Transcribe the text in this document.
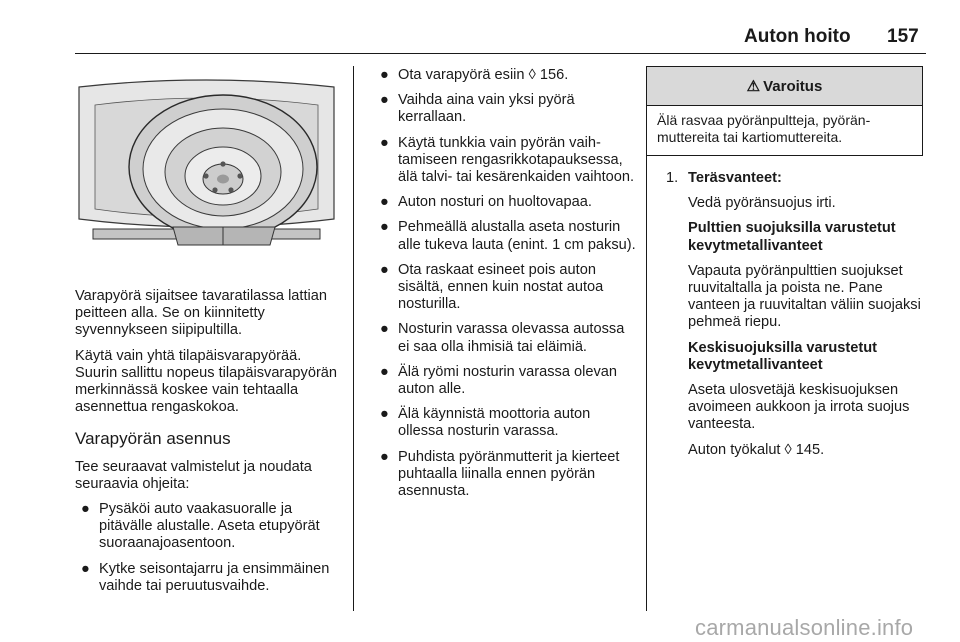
Auton hoito 157

Varapyörä sijaitsee tavaratilassa lattian peitteen alla. Se on kiinnitetty syvennykseen siipipultilla.

Käytä vain yhtä tilapäisvarapyörää. Suurin sallittu nopeus tilapäisvarapyörän merkinnässä koskee vain tehtaalla asennettua rengaskokoa.

Varapyörän asennus

Tee seuraavat valmistelut ja noudata seuraavia ohjeita:

● Pysäköi auto vaakasuoralle ja pitävälle alustalle. Aseta etupyörät suoraanajoasentoon.
● Kytke seisontajarru ja ensimmäinen vaihde tai peruutusvaihde.
● Ota varapyörä esiin ◊ 156.
● Vaihda aina vain yksi pyörä kerrallaan.
● Käytä tunkkia vain pyörän vaihtamiseen rengasrikkotapauksessa, älä talvi- tai kesärenkaiden vaihtoon.
● Auton nosturi on huoltovapaa.
● Pehmeällä alustalla aseta nosturin alle tukeva lauta (enint. 1 cm paksu).
● Ota raskaat esineet pois auton sisältä, ennen kuin nostat autoa nosturilla.
● Nosturin varassa olevassa autossa ei saa olla ihmisiä tai eläimiä.
● Älä ryömi nosturin varassa olevan auton alle.
● Älä käynnistä moottoria auton ollessa nosturin varassa.
● Puhdista pyöränmutterit ja kierteet puhtaalla liinalla ennen pyörän asennusta.
⚠ Varoitus
Älä rasvaa pyöränpultteja, pyöränmuttereita tai kartiomuttereita.
1. Teräsvanteet:

Vedä pyöränsuojus irti.

Pulttien suojuksilla varustetut kevytmetallivanteet

Vapauta pyöränpulttien suojukset ruuvitaltalla ja poista ne. Pane vanteen ja ruuvitaltan väliin suojaksi pehmeä riepu.

Keskisuojuksilla varustetut kevytmetallivanteet

Aseta ulosvetäjä keskisuojuksen avoimeen aukkoon ja irrota suojus vanteesta.

Auton työkalut ◊ 145.

carmanualsonline.info
